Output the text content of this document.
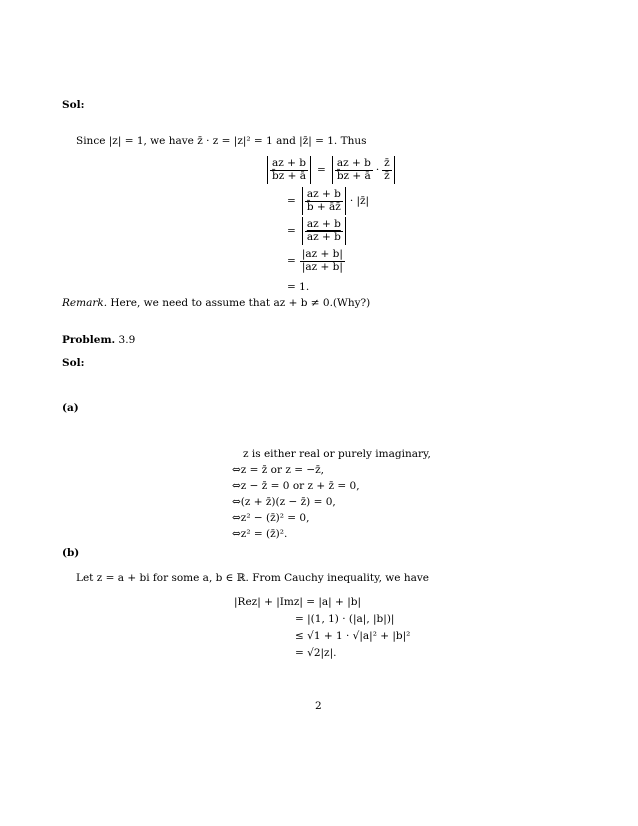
Sol:
Since |z| = 1, we have z̄ · z = |z|² = 1 and |z̄| = 1. Thus
$\frac{az + b}{b̄z + ā} = \frac{az + b}{b̄z + ā} \cdot \frac{z̄}{z̄}$
= $\frac{az + b}{b̄ + āz̄}$ · |z̄|
= $\frac{az + b}{az + b}$
= $\frac{|az + b|}{|az + b|}$
= 1.
Remark. Here, we need to assume that az + b ≠ 0.(Why?)
Problem. 3.9
Sol:
(a)
z is either real or purely imaginary,
⇔z = z̄ or z = −z̄,
⇔z − z̄ = 0 or z + z̄ = 0,
⇔(z + z̄)(z − z̄) = 0,
⇔z² − (z̄)² = 0,
⇔z² = (z̄)².
(b)
Let z = a + bi for some a, b ∈ ℝ. From Cauchy inequality, we have
|Rez| + |Imz| = |a| + |b|
= |(1, 1) · (|a|, |b|)|
≤ √1 + 1 · √|a|² + |b|²
= √2|z|.
2
